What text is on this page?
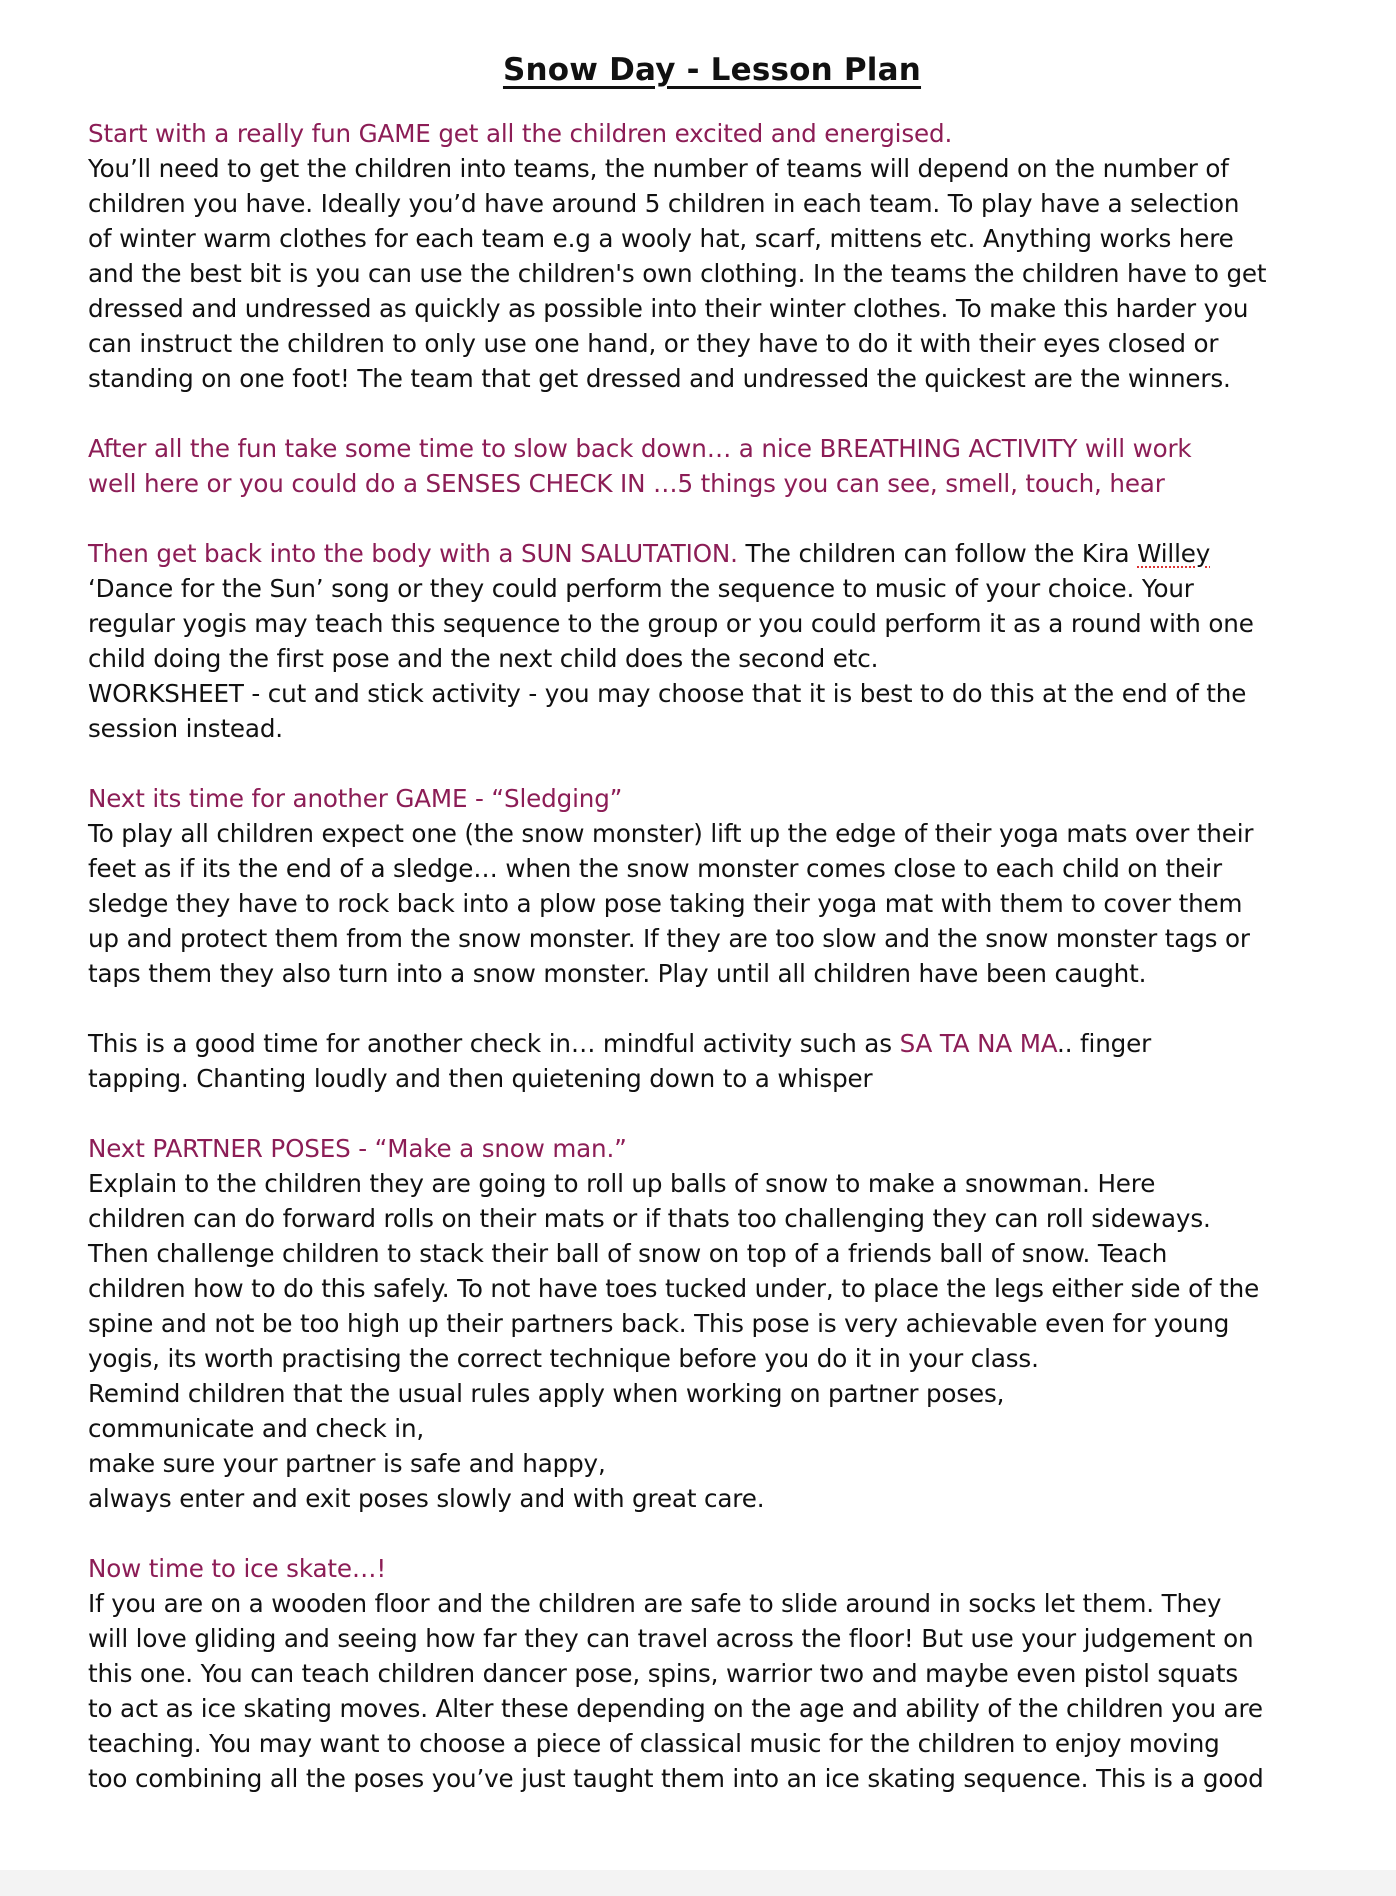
Snow Day - Lesson Plan

Start with a really fun GAME get all the children excited and energised.

You’ll need to get the children into teams, the number of teams will depend on the number of

children you have. Ideally you’d have around 5 children in each team. To play have a selection

of winter warm clothes for each team e.g a wooly hat, scarf, mittens etc. Anything works here

and the best bit is you can use the children's own clothing. In the teams the children have to get

dressed and undressed as quickly as possible into their winter clothes. To make this harder you

can instruct the children to only use one hand, or they have to do it with their eyes closed or

standing on one foot! The team that get dressed and undressed the quickest are the winners.

After all the fun take some time to slow back down… a nice BREATHING ACTIVITY will work

well here or you could do a SENSES CHECK IN …5 things you can see, smell, touch, hear

Then get back into the body with a SUN SALUTATION. The children can follow the Kira Willey

‘Dance for the Sun’ song or they could perform the sequence to music of your choice. Your

regular yogis may teach this sequence to the group or you could perform it as a round with one

child doing the first pose and the next child does the second etc.

WORKSHEET - cut and stick activity - you may choose that it is best to do this at the end of the

session instead.

Next its time for another GAME - “Sledging”

To play all children expect one (the snow monster) lift up the edge of their yoga mats over their

feet as if its the end of a sledge… when the snow monster comes close to each child on their

sledge they have to rock back into a plow pose taking their yoga mat with them to cover them

up and protect them from the snow monster. If they are too slow and the snow monster tags or

taps them they also turn into a snow monster. Play until all children have been caught.

This is a good time for another check in… mindful activity such as SA TA NA MA.. finger

tapping. Chanting loudly and then quietening down to a whisper

Next PARTNER POSES - “Make a snow man.”

Explain to the children they are going to roll up balls of snow to make a snowman. Here

children can do forward rolls on their mats or if thats too challenging they can roll sideways.

Then challenge children to stack their ball of snow on top of a friends ball of snow. Teach

children how to do this safely. To not have toes tucked under, to place the legs either side of the

spine and not be too high up their partners back. This pose is very achievable even for young

yogis, its worth practising the correct technique before you do it in your class.

Remind children that the usual rules apply when working on partner poses,

communicate and check in,

make sure your partner is safe and happy,

always enter and exit poses slowly and with great care.

Now time to ice skate…!

If you are on a wooden floor and the children are safe to slide around in socks let them. They

will love gliding and seeing how far they can travel across the floor! But use your judgement on

this one. You can teach children dancer pose, spins, warrior two and maybe even pistol squats

to act as ice skating moves. Alter these depending on the age and ability of the children you are

teaching. You may want to choose a piece of classical music for the children to enjoy moving

too combining all the poses you’ve just taught them into an ice skating sequence. This is a good
